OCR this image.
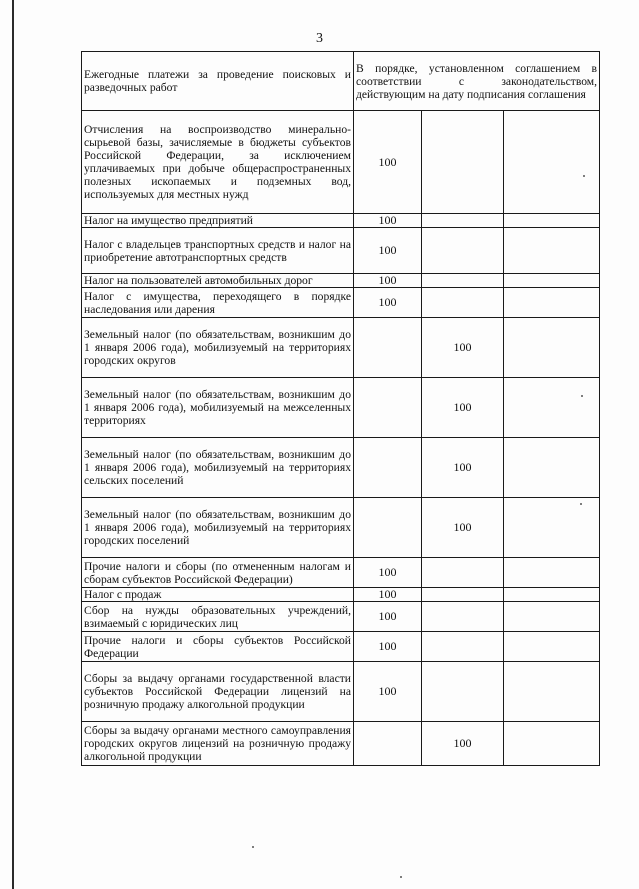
3
Ежегодные платежи за проведение поисковых и разведочных работ	В порядке, установленном соглашением в соответствии с законодательством, действующим на дату подписания соглашения		
Отчисления на воспроизводство минерально-сырьевой базы, зачисляемые в бюджеты субъектов Российской Федерации, за исключением уплачиваемых при добыче общераспространенных полезных ископаемых и подземных вод, используемых для местных нужд	100		
Налог на имущество предприятий	100		
Налог с владельцев транспортных средств и налог на приобретение автотранспортных средств	100		
Налог на пользователей автомобильных дорог	100		
Налог с имущества, переходящего в порядке наследования или дарения	100		
Земельный налог (по обязательствам, возникшим до 1 января 2006 года), мобилизуемый на территориях городских округов		100	
Земельный налог (по обязательствам, возникшим до 1 января 2006 года), мобилизуемый на межселенных территориях		100	
Земельный налог (по обязательствам, возникшим до 1 января 2006 года), мобилизуемый на территориях сельских поселений		100	
Земельный налог (по обязательствам, возникшим до 1 января 2006 года), мобилизуемый на территориях городских поселений		100	
Прочие налоги и сборы (по отмененным налогам и сборам субъектов Российской Федерации)	100		
Налог с продаж	100		
Сбор на нужды образовательных учреждений, взимаемый с юридических лиц	100		
Прочие налоги и сборы субъектов Российской Федерации	100		
Сборы за выдачу органами государственной власти субъектов Российской Федерации лицензий на розничную продажу алкогольной продукции	100		
Сборы за выдачу органами местного самоуправления городских округов лицензий на розничную продажу алкогольной продукции		100	
